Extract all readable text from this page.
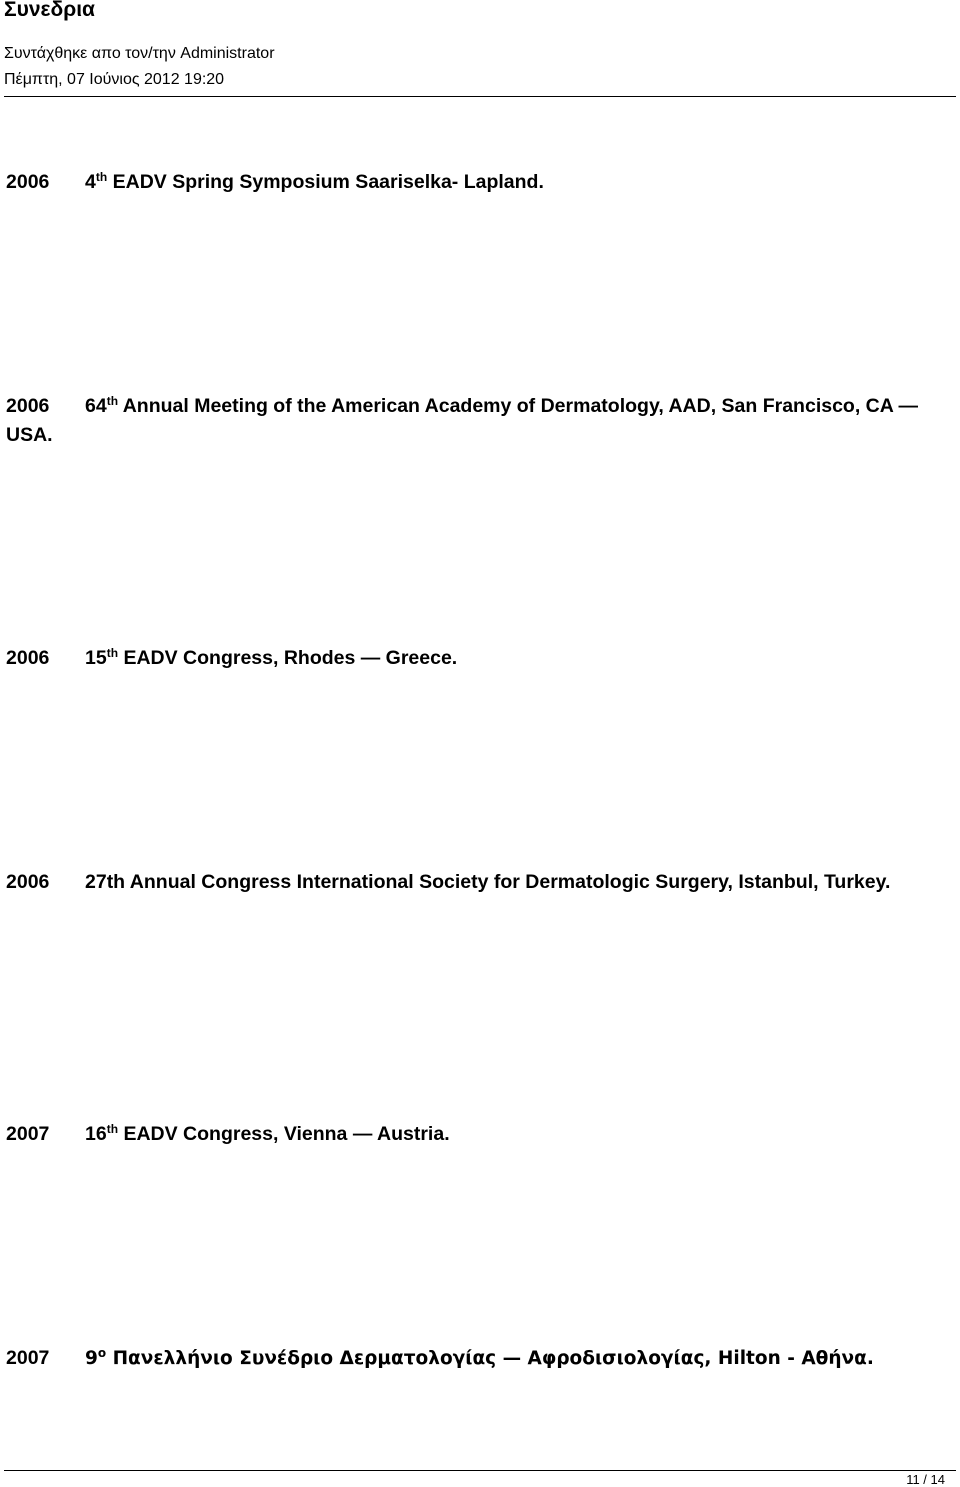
Συνεδρια
Συντάχθηκε απο τον/την Administrator
Πέμπτη, 07 Ιούνιος 2012 19:20

2006 4th EADV Spring Symposium Saariselka- Lapland.

2006 64th Annual Meeting of the American Academy of Dermatology, AAD, San Francisco, CA — USA.

2006 15th EADV Congress, Rhodes — Greece.

2006 27th Annual Congress International Society for Dermatologic Surgery, Istanbul, Turkey.

2007 16th EADV Congress, Vienna — Austria.

2007 $9^o$ Πανελλήνιο Συνέδριο Δερματολογίας — Αφροδισιολογίας, Hilton - Αθήνα.

11 / 14
